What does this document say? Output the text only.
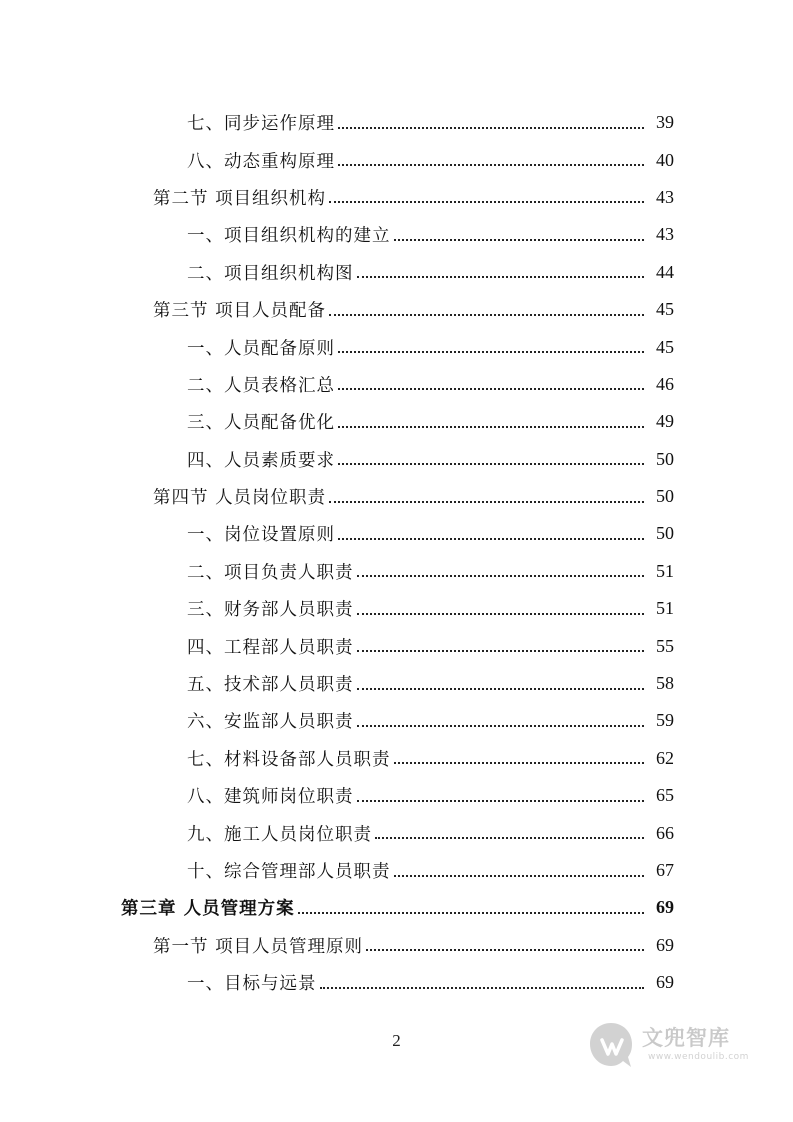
七、同步运作原理	39
八、动态重构原理	40
第二节 项目组织机构	43
一、项目组织机构的建立	43
二、项目组织机构图	44
第三节 项目人员配备	45
一、人员配备原则	45
二、人员表格汇总	46
三、人员配备优化	49
四、人员素质要求	50
第四节 人员岗位职责	50
一、岗位设置原则	50
二、项目负责人职责	51
三、财务部人员职责	51
四、工程部人员职责	55
五、技术部人员职责	58
六、安监部人员职责	59
七、材料设备部人员职责	62
八、建筑师岗位职责	65
九、施工人员岗位职责	66
十、综合管理部人员职责	67
第三章 人员管理方案	69
第一节 项目人员管理原则	69
一、目标与远景	69
2	文兜智库
www.wendoulib.com
